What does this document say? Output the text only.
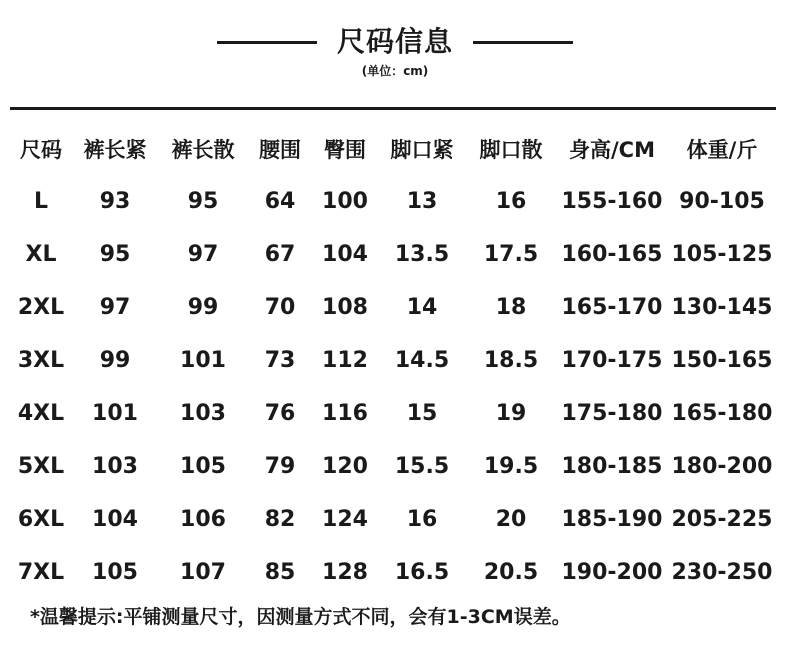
尺码信息
(单位：cm)
尺码	裤长紧	裤长散	腰围	臀围	脚口紧	脚口散	身高/CM	体重/斤
L	93	95	64	100	13	16	155-160	90-105
XL	95	97	67	104	13.5	17.5	160-165	105-125
2XL	97	99	70	108	14	18	165-170	130-145
3XL	99	101	73	112	14.5	18.5	170-175	150-165
4XL	101	103	76	116	15	19	175-180	165-180
5XL	103	105	79	120	15.5	19.5	180-185	180-200
6XL	104	106	82	124	16	20	185-190	205-225
7XL	105	107	85	128	16.5	20.5	190-200	230-250
*温馨提示:平铺测量尺寸，因测量方式不同，会有1-3CM误差。
